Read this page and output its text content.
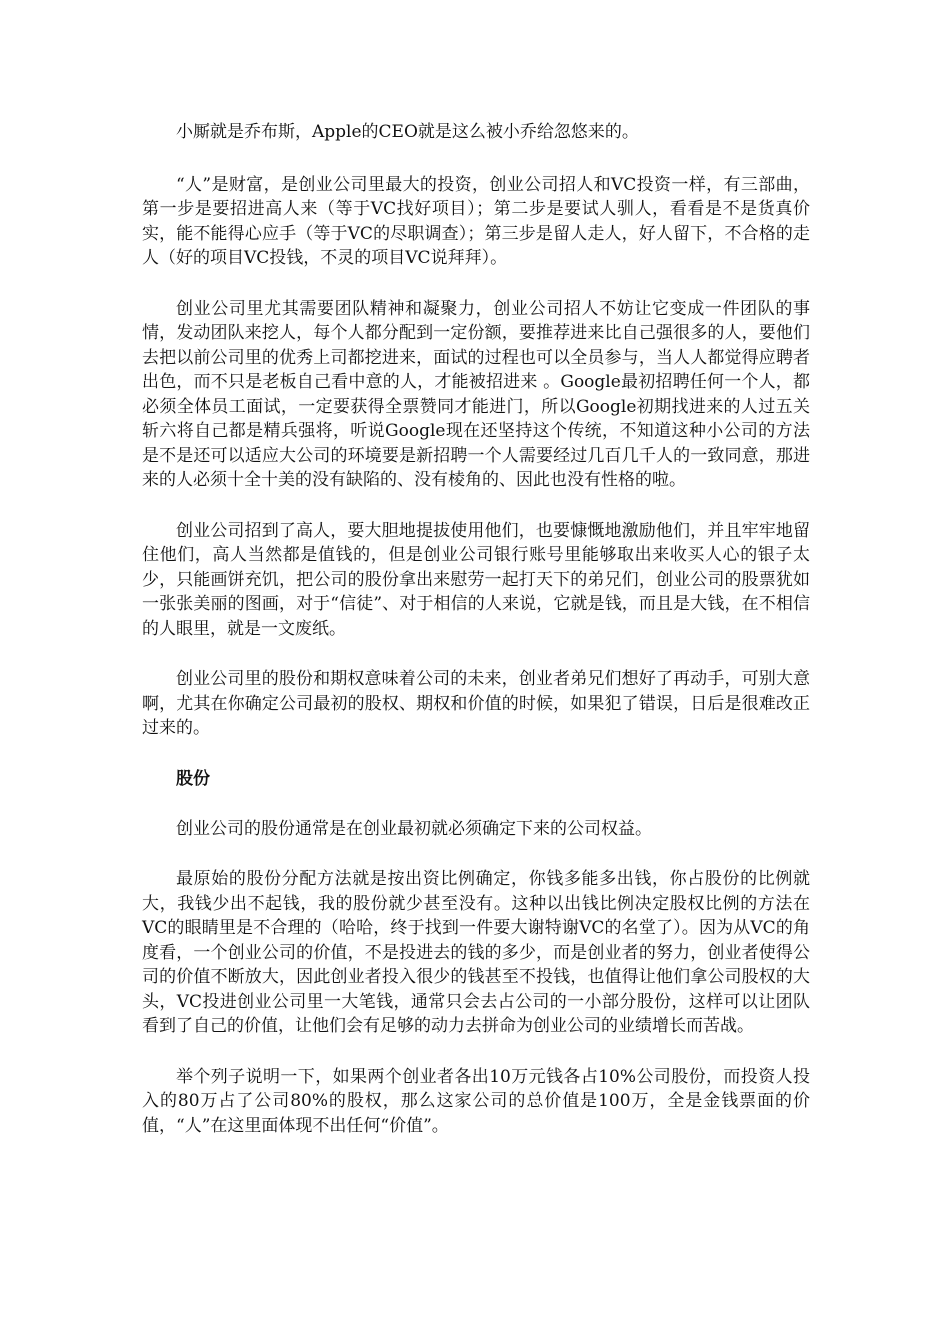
小厮就是乔布斯，Apple的CEO就是这么被小乔给忽悠来的。

“人”是财富，是创业公司里最大的投资，创业公司招人和VC投资一样，有三部曲，第一步是要招进高人来（等于VC找好项目）；第二步是要试人驯人，看看是不是货真价实，能不能得心应手（等于VC的尽职调查）；第三步是留人走人，好人留下，不合格的走人（好的项目VC投钱，不灵的项目VC说拜拜）。

创业公司里尤其需要团队精神和凝聚力，创业公司招人不妨让它变成一件团队的事情，发动团队来挖人，每个人都分配到一定份额，要推荐进来比自己强很多的人，要他们去把以前公司里的优秀上司都挖进来，面试的过程也可以全员参与，当人人都觉得应聘者出色，而不只是老板自己看中意的人，才能被招进来 。Google最初招聘任何一个人，都必须全体员工面试，一定要获得全票赞同才能进门，所以Google初期找进来的人过五关斩六将自己都是精兵强将，听说Google现在还坚持这个传统，不知道这种小公司的方法是不是还可以适应大公司的环境要是新招聘一个人需要经过几百几千人的一致同意，那进来的人必须十全十美的没有缺陷的、没有棱角的、因此也没有性格的啦。

创业公司招到了高人，要大胆地提拔使用他们，也要慷慨地激励他们，并且牢牢地留住他们，高人当然都是值钱的，但是创业公司银行账号里能够取出来收买人心的银子太少，只能画饼充饥，把公司的股份拿出来慰劳一起打天下的弟兄们，创业公司的股票犹如一张张美丽的图画，对于“信徒”、对于相信的人来说，它就是钱，而且是大钱，在不相信的人眼里，就是一文废纸。

创业公司里的股份和期权意味着公司的未来，创业者弟兄们想好了再动手，可别大意啊，尤其在你确定公司最初的股权、期权和价值的时候，如果犯了错误，日后是很难改正过来的。

股份

创业公司的股份通常是在创业最初就必须确定下来的公司权益。

最原始的股份分配方法就是按出资比例确定，你钱多能多出钱，你占股份的比例就大，我钱少出不起钱，我的股份就少甚至没有。这种以出钱比例决定股权比例的方法在VC的眼睛里是不合理的（哈哈，终于找到一件要大谢特谢VC的名堂了）。因为从VC的角度看，一个创业公司的价值，不是投进去的钱的多少，而是创业者的努力，创业者使得公司的价值不断放大，因此创业者投入很少的钱甚至不投钱，也值得让他们拿公司股权的大头，VC投进创业公司里一大笔钱，通常只会去占公司的一小部分股份，这样可以让团队看到了自己的价值，让他们会有足够的动力去拼命为创业公司的业绩增长而苦战。

举个列子说明一下，如果两个创业者各出10万元钱各占10%公司股份，而投资人投入的80万占了公司80%的股权，那么这家公司的总价值是100万，全是金钱票面的价值，“人”在这里面体现不出任何“价值”。
